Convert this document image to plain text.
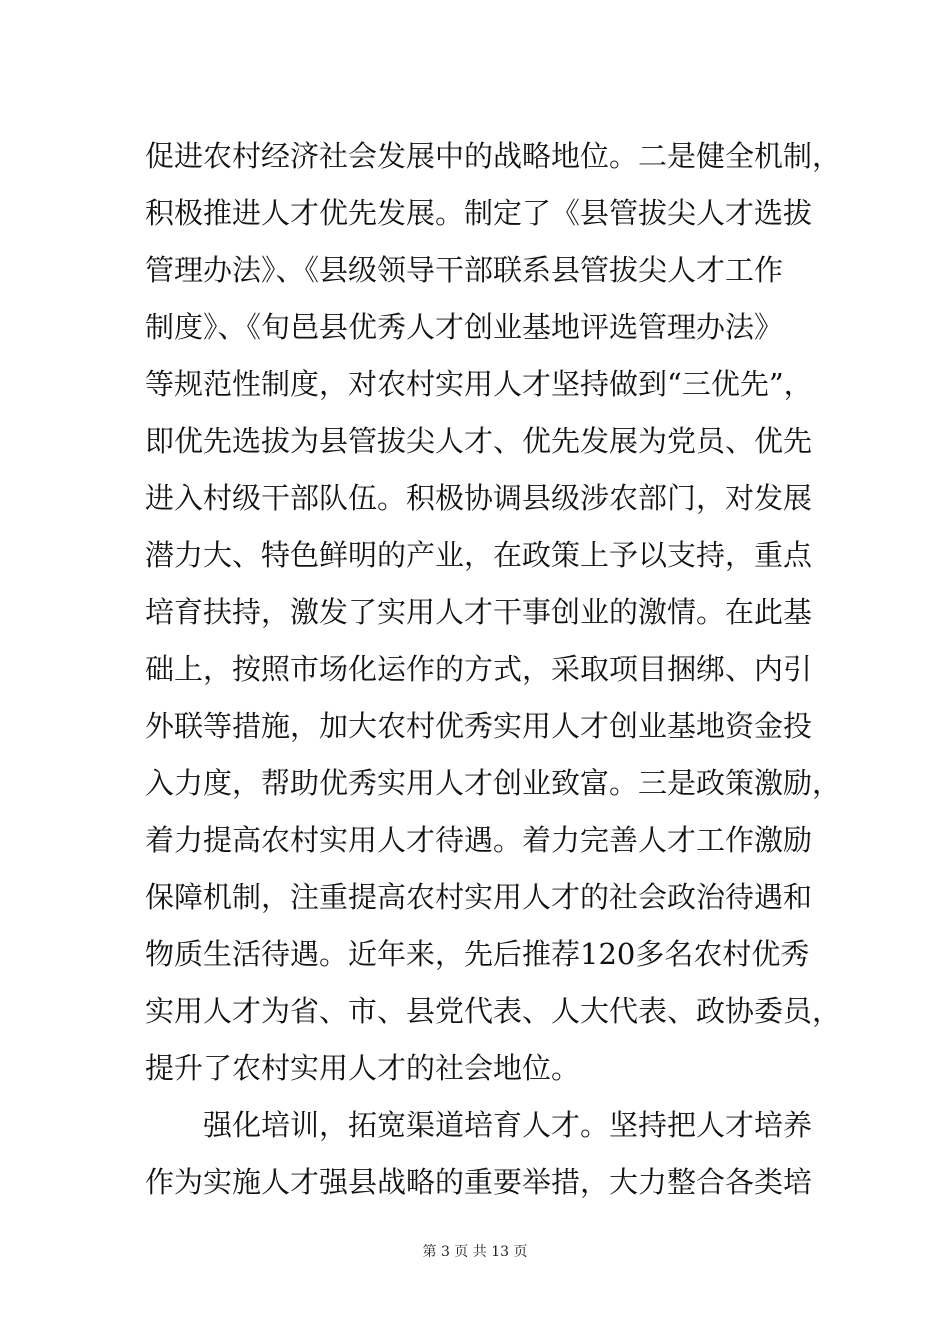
促进农村经济社会发展中的战略地位。二是健全机制，
积极推进人才优先发展。制定了《县管拔尖人才选拔
管理办法》、《县级领导干部联系县管拔尖人才工作
制度》、《旬邑县优秀人才创业基地评选管理办法》
等规范性制度，对农村实用人才坚持做到“三优先”，
即优先选拔为县管拔尖人才、优先发展为党员、优先
进入村级干部队伍。积极协调县级涉农部门，对发展
潜力大、特色鲜明的产业，在政策上予以支持，重点
培育扶持，激发了实用人才干事创业的激情。在此基
础上，按照市场化运作的方式，采取项目捆绑、内引
外联等措施，加大农村优秀实用人才创业基地资金投
入力度，帮助优秀实用人才创业致富。三是政策激励，
着力提高农村实用人才待遇。着力完善人才工作激励
保障机制，注重提高农村实用人才的社会政治待遇和
物质生活待遇。近年来，先后推荐120多名农村优秀
实用人才为省、市、县党代表、人大代表、政协委员，
提升了农村实用人才的社会地位。
强化培训，拓宽渠道培育人才。坚持把人才培养
作为实施人才强县战略的重要举措，大力整合各类培
第 3 页 共 13 页
